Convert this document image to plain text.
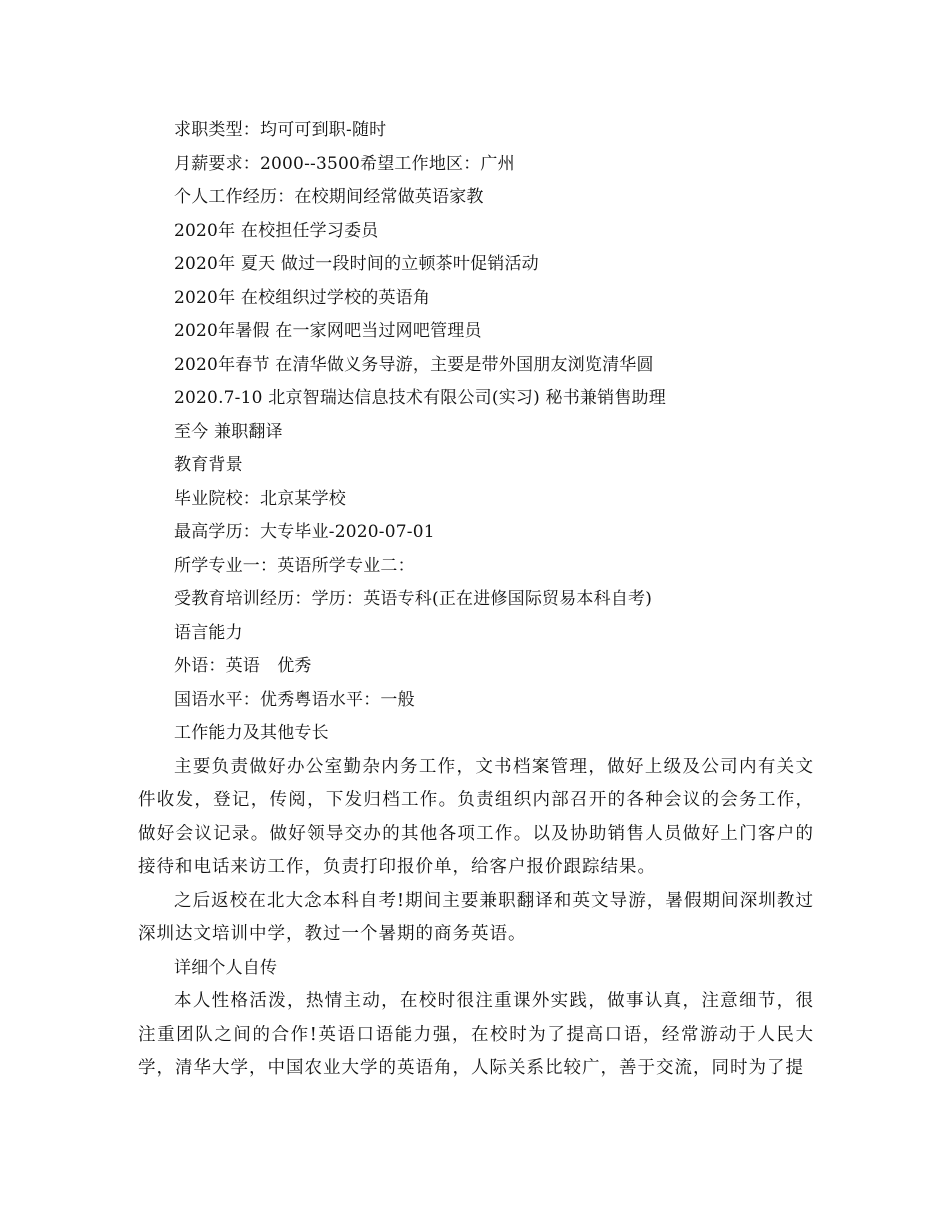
求职类型：均可可到职-随时
月薪要求：2000--3500希望工作地区：广州
个人工作经历：在校期间经常做英语家教
2020年 在校担任学习委员
2020年 夏天 做过一段时间的立顿茶叶促销活动
2020年 在校组织过学校的英语角
2020年暑假 在一家网吧当过网吧管理员
2020年春节 在清华做义务导游，主要是带外国朋友浏览清华圆
2020.7-10 北京智瑞达信息技术有限公司(实习) 秘书兼销售助理
至今 兼职翻译
教育背景
毕业院校：北京某学校
最高学历：大专毕业-2020-07-01
所学专业一：英语所学专业二：
受教育培训经历：学历：英语专科(正在进修国际贸易本科自考)
语言能力
外语：英语　优秀
国语水平：优秀粤语水平：一般
工作能力及其他专长

主要负责做好办公室勤杂内务工作，文书档案管理，做好上级及公司内有关文件收发，登记，传阅，下发归档工作。负责组织内部召开的各种会议的会务工作，做好会议记录。做好领导交办的其他各项工作。以及协助销售人员做好上门客户的接待和电话来访工作，负责打印报价单，给客户报价跟踪结果。

之后返校在北大念本科自考!期间主要兼职翻译和英文导游，暑假期间深圳教过深圳达文培训中学，教过一个暑期的商务英语。

详细个人自传

本人性格活泼，热情主动，在校时很注重课外实践，做事认真，注意细节，很注重团队之间的合作!英语口语能力强，在校时为了提高口语，经常游动于人民大学，清华大学，中国农业大学的英语角，人际关系比较广，善于交流，同时为了提
